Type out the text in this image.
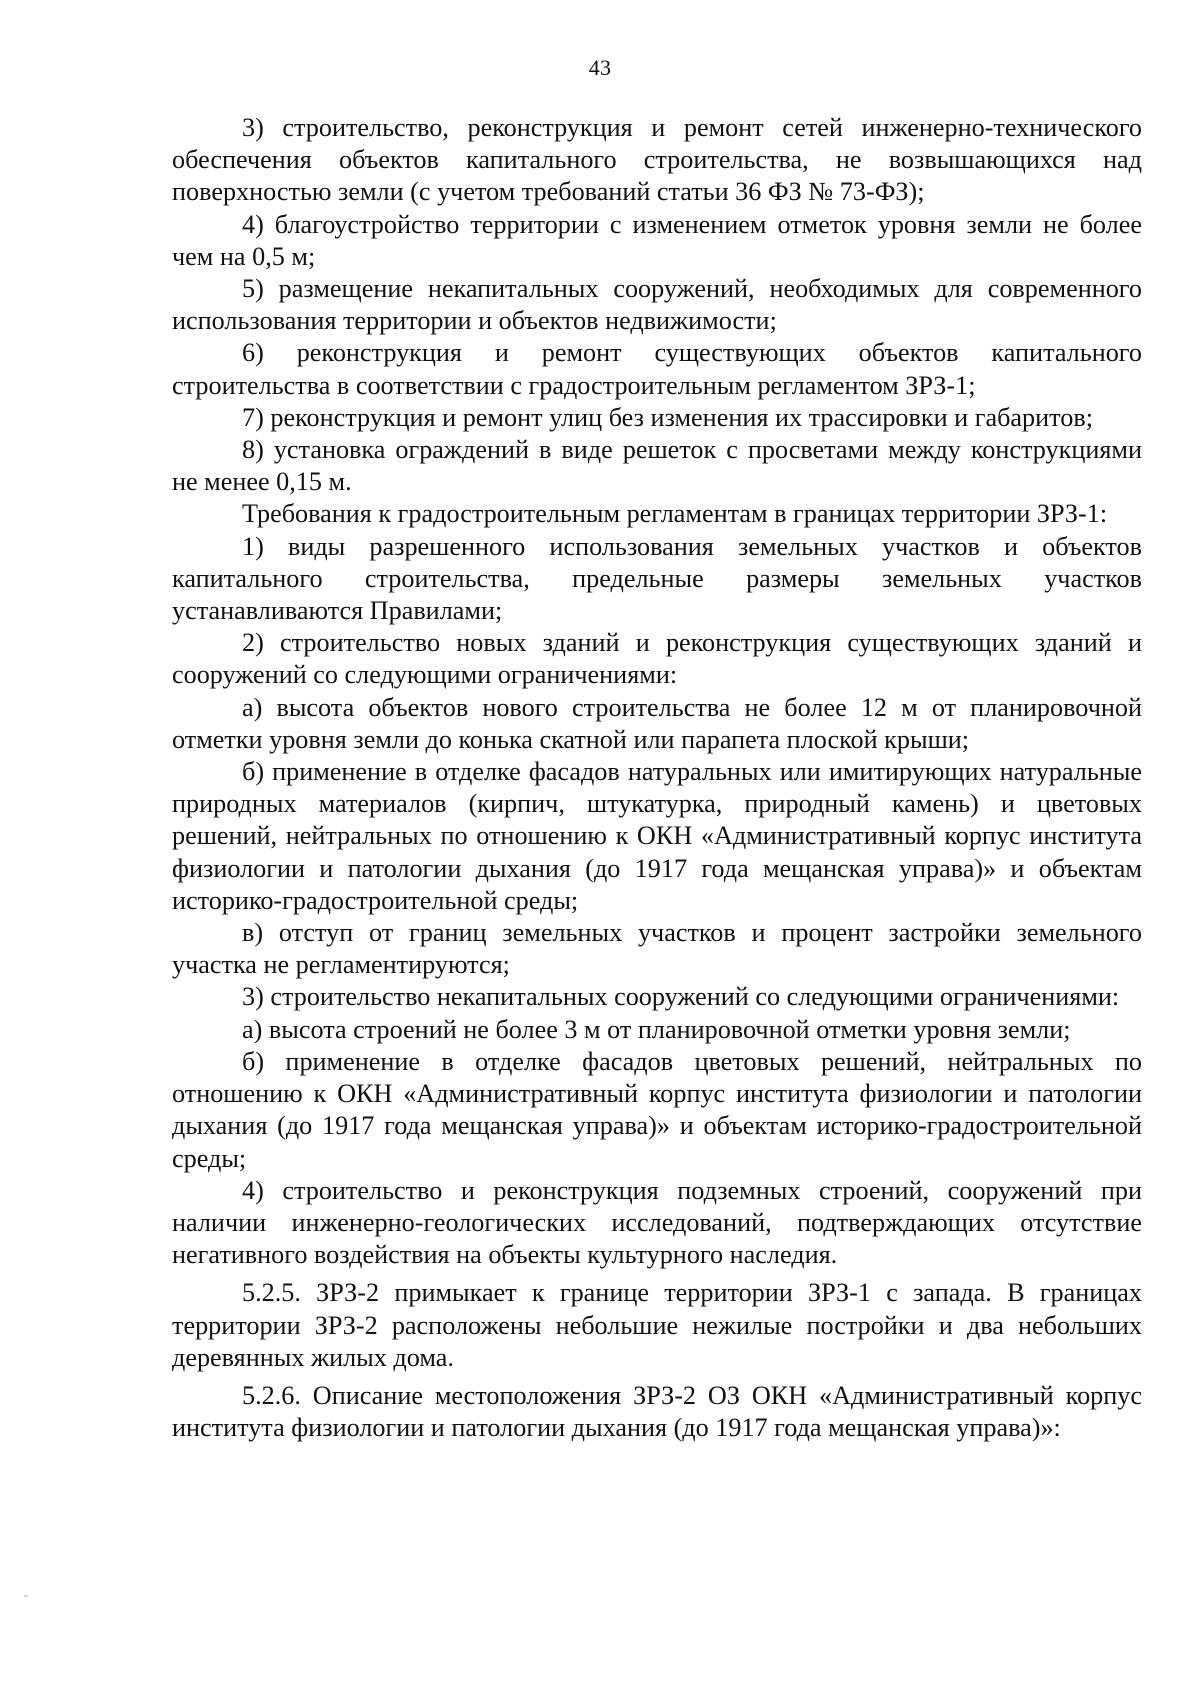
43

3) строительство, реконструкция и ремонт сетей инженерно-технического обеспечения объектов капитального строительства, не возвышающихся над поверхностью земли (с учетом требований статьи 36 ФЗ № 73-ФЗ);

4) благоустройство территории с изменением отметок уровня земли не более чем на 0,5 м;

5) размещение некапитальных сооружений, необходимых для современного использования территории и объектов недвижимости;

6) реконструкция и ремонт существующих объектов капитального строительства в соответствии с градостроительным регламентом ЗРЗ-1;

7) реконструкция и ремонт улиц без изменения их трассировки и габаритов;

8) установка ограждений в виде решеток с просветами между конструкциями не менее 0,15 м.

Требования к градостроительным регламентам в границах территории ЗРЗ-1:

1) виды разрешенного использования земельных участков и объектов капитального строительства, предельные размеры земельных участков устанавливаются Правилами;

2) строительство новых зданий и реконструкция существующих зданий и сооружений со следующими ограничениями:

а) высота объектов нового строительства не более 12 м от планировочной отметки уровня земли до конька скатной или парапета плоской крыши;

б) применение в отделке фасадов натуральных или имитирующих натуральные природных материалов (кирпич, штукатурка, природный камень) и цветовых решений, нейтральных по отношению к ОКН «Административный корпус института физиологии и патологии дыхания (до 1917 года мещанская управа)» и объектам историко-градостроительной среды;

в) отступ от границ земельных участков и процент застройки земельного участка не регламентируются;

3) строительство некапитальных сооружений со следующими ограничениями:

а) высота строений не более 3 м от планировочной отметки уровня земли;

б) применение в отделке фасадов цветовых решений, нейтральных по отношению к ОКН «Административный корпус института физиологии и патологии дыхания (до 1917 года мещанская управа)» и объектам историко-градостроительной среды;

4) строительство и реконструкция подземных строений, сооружений при наличии инженерно-геологических исследований, подтверждающих отсутствие негативного воздействия на объекты культурного наследия.

5.2.5. ЗРЗ-2 примыкает к границе территории ЗРЗ-1 с запада. В границах территории ЗРЗ-2 расположены небольшие нежилые постройки и два небольших деревянных жилых дома.

5.2.6. Описание местоположения ЗРЗ-2 ОЗ ОКН «Административный корпус института физиологии и патологии дыхания (до 1917 года мещанская управа)»:
